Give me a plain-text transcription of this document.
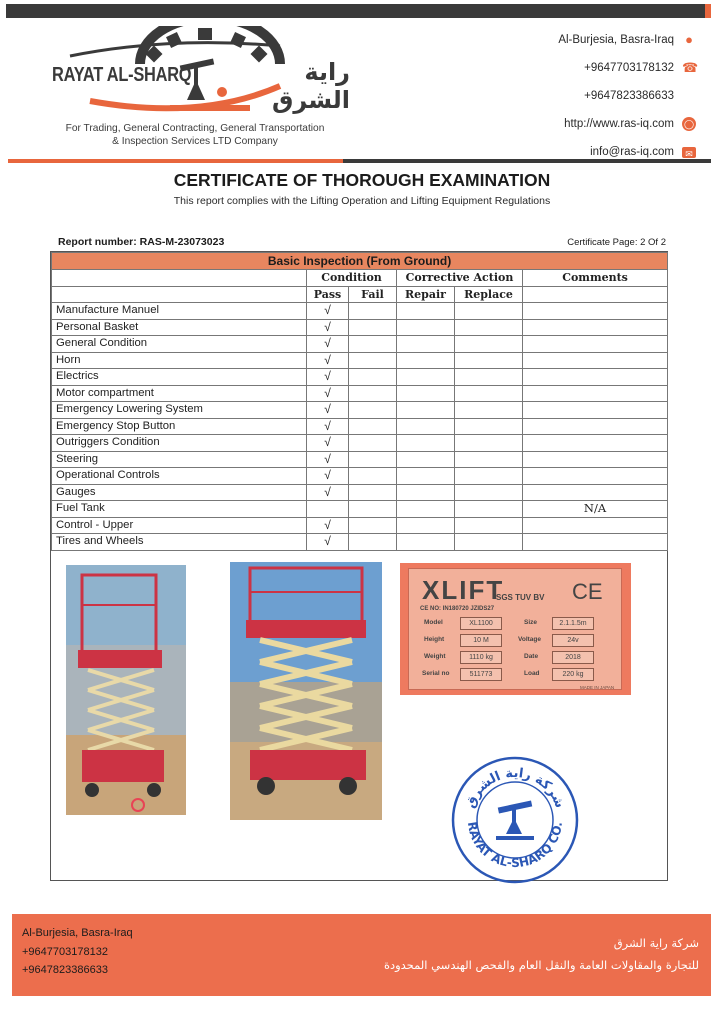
RAYAT AL-SHARQ	راية الشرق
For Trading, General Contracting, General Transportation
& Inspection Services LTD Company
Al-Burjesia, Basra-Iraq ●
+9647703178132 ☎
+9647823386633
http://www.ras-iq.com ◯
info@ras-iq.com	✉
CERTIFICATE OF THOROUGH EXAMINATION
This report complies with the Lifting Operation and Lifting Equipment Regulations
Report number: RAS-M-23073023	Certificate Page: 2 Of 2
Basic Inspection (From Ground)					
	Condition		Corrective Action		Comments
	Pass	Fail	Repair	Replace	
Manufacture Manuel	√				
Personal Basket	√				
General Condition	√				
Horn	√				
Electrics	√				
Motor compartment	√				
Emergency Lowering System	√				
Emergency Stop Button	√				
Outriggers Condition	√				
Steering	√				
Operational Controls	√				
Gauges	√				
Fuel Tank					N/A
Control - Upper	√				
Tires and Wheels	√				
XLIFT
SGS TUV BV CE
CE NO: IN180720 JZIDS27
Model	XL1100	Size	2.1.1.5m
Height	10 M	Voltage	24v
Weight	1110 kg	Date	2018
Serial no	511773	Load	220 kg
MADE IN JAPAN
شركة راية الشرق
RAYAT AL-SHARQ CO.
Al-Burjesia, Basra-Iraq
+9647703178132
+9647823386633
شركة راية الشرق
للتجارة والمقاولات العامة والنقل العام والفحص الهندسي المحدودة
